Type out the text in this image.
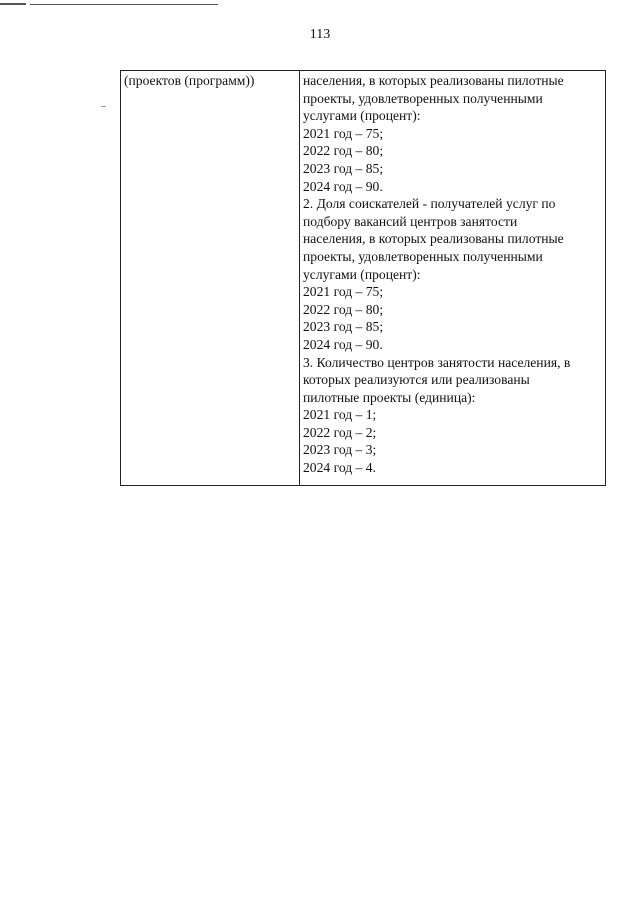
113
(проектов (программ))	населения, в которых реализованы пилотные
проекты, удовлетворенных полученными
услугами (процент):
2021 год – 75;
2022 год – 80;
2023 год – 85;
2024 год – 90.
2. Доля соискателей - получателей услуг по
подбору вакансий центров занятости
населения, в которых реализованы пилотные
проекты, удовлетворенных полученными
услугами (процент):
2021 год – 75;
2022 год – 80;
2023 год – 85;
2024 год – 90.
3. Количество центров занятости населения, в
которых реализуются или реализованы
пилотные проекты (единица):
2021 год – 1;
2022 год – 2;
2023 год – 3;
2024 год – 4.
